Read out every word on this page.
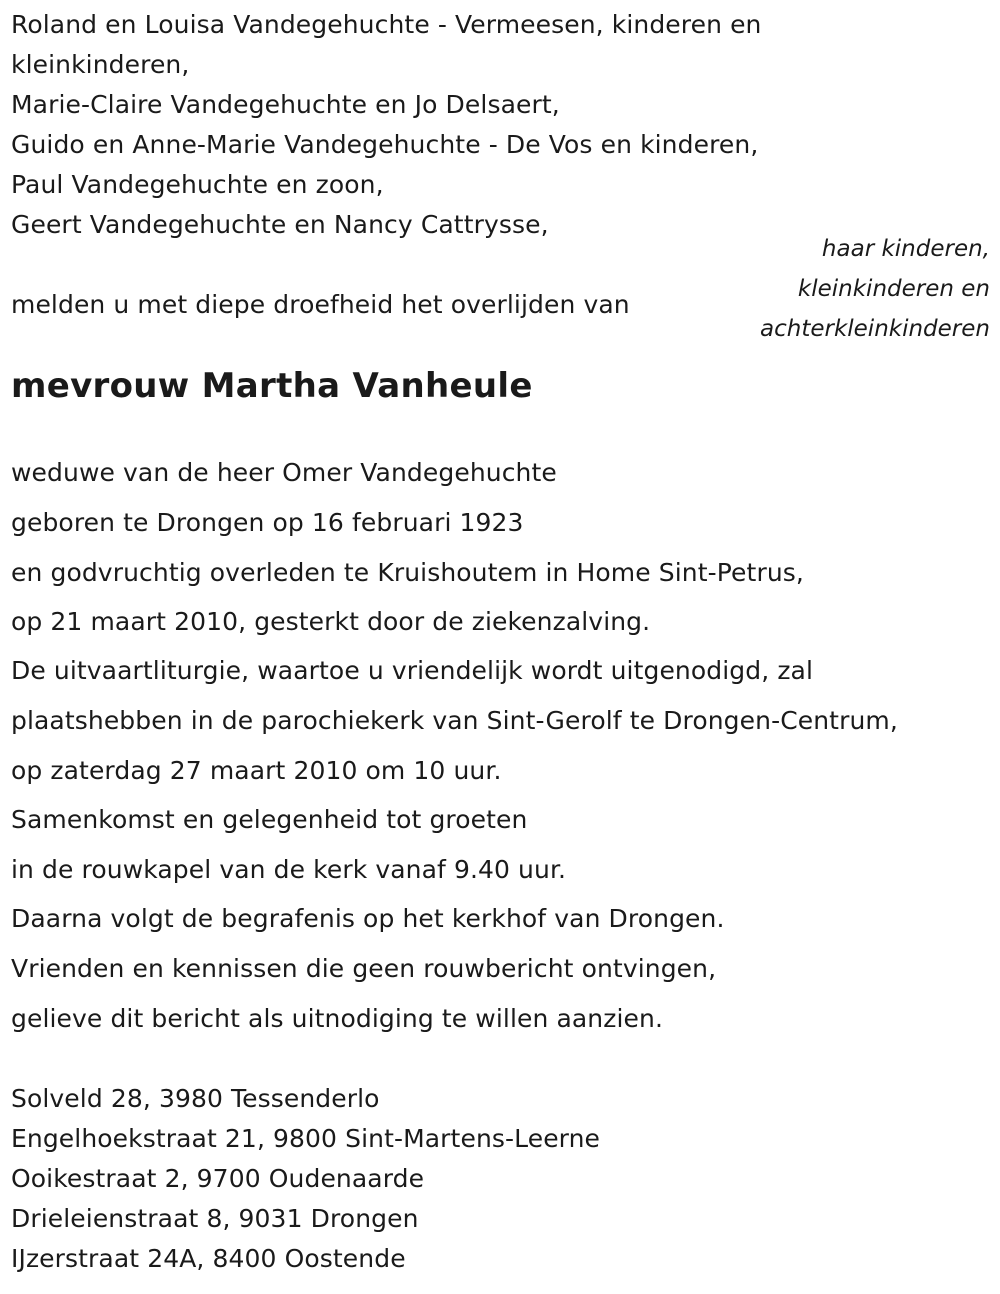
Roland en Louisa Vandegehuchte - Vermeesen, kinderen en
kleinkinderen,
Marie-Claire Vandegehuchte en Jo Delsaert,
Guido en Anne-Marie Vandegehuchte - De Vos en kinderen,
Paul Vandegehuchte en zoon,
Geert Vandegehuchte en Nancy Cattrysse,
haar kinderen,
kleinkinderen en
achterkleinkinderen
melden u met diepe droefheid het overlijden van
mevrouw Martha Vanheule
weduwe van de heer Omer Vandegehuchte
geboren te Drongen op 16 februari 1923
en godvruchtig overleden te Kruishoutem in Home Sint-Petrus,
op 21 maart 2010, gesterkt door de ziekenzalving.
De uitvaartliturgie, waartoe u vriendelijk wordt uitgenodigd, zal
plaatshebben in de parochiekerk van Sint-Gerolf te Drongen-Centrum,
op zaterdag 27 maart 2010 om 10 uur.
Samenkomst en gelegenheid tot groeten
in de rouwkapel van de kerk vanaf 9.40 uur.
Daarna volgt de begrafenis op het kerkhof van Drongen.
Vrienden en kennissen die geen rouwbericht ontvingen,
gelieve dit bericht als uitnodiging te willen aanzien.
Solveld 28, 3980 Tessenderlo
Engelhoekstraat 21, 9800 Sint-Martens-Leerne
Ooikestraat 2, 9700 Oudenaarde
Drieleienstraat 8, 9031 Drongen
IJzerstraat 24A, 8400 Oostende
